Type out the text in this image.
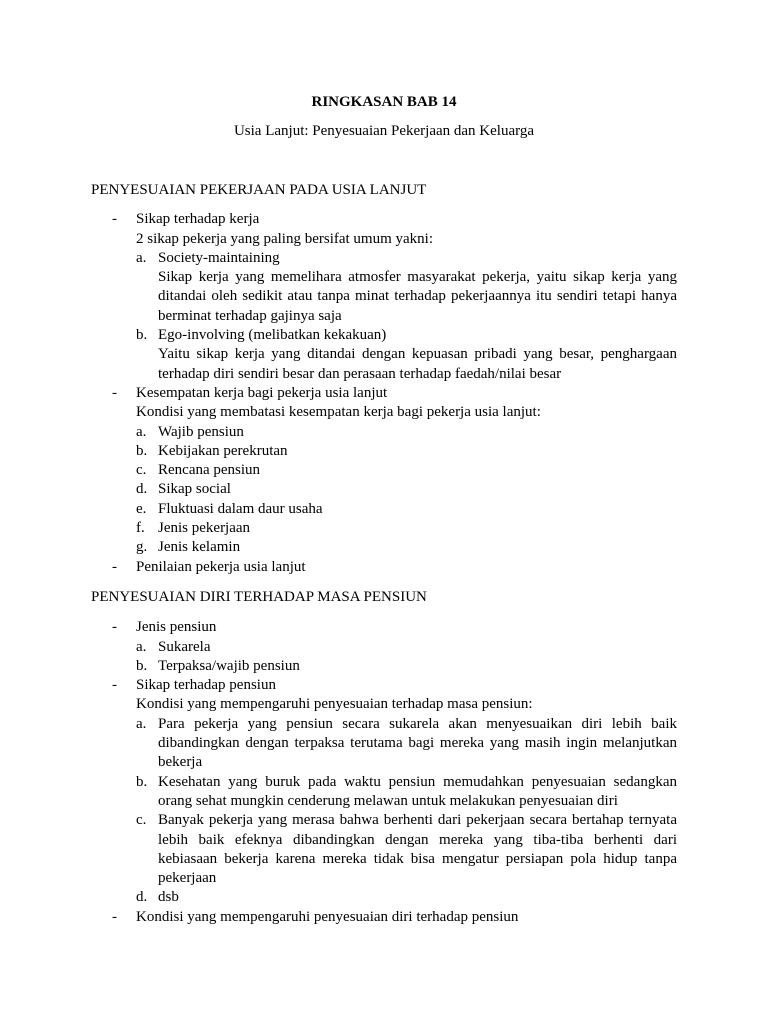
RINGKASAN BAB 14
Usia Lanjut: Penyesuaian Pekerjaan dan Keluarga
PENYESUAIAN PEKERJAAN PADA USIA LANJUT
- Sikap terhadap kerja
2 sikap pekerja yang paling bersifat umum yakni:
a. Society-maintaining
Sikap kerja yang memelihara atmosfer masyarakat pekerja, yaitu sikap kerja yang ditandai oleh sedikit atau tanpa minat terhadap pekerjaannya itu sendiri tetapi hanya berminat terhadap gajinya saja
b. Ego-involving (melibatkan kekakuan)
Yaitu sikap kerja yang ditandai dengan kepuasan pribadi yang besar, penghargaan terhadap diri sendiri besar dan perasaan terhadap faedah/nilai besar
- Kesempatan kerja bagi pekerja usia lanjut
Kondisi yang membatasi kesempatan kerja bagi pekerja usia lanjut:
a. Wajib pensiun
b. Kebijakan perekrutan
c. Rencana pensiun
d. Sikap social
e. Fluktuasi dalam daur usaha
f. Jenis pekerjaan
g. Jenis kelamin
- Penilaian pekerja usia lanjut
PENYESUAIAN DIRI TERHADAP MASA PENSIUN
- Jenis pensiun
a. Sukarela
b. Terpaksa/wajib pensiun
- Sikap terhadap pensiun
Kondisi yang mempengaruhi penyesuaian terhadap masa pensiun:
a. Para pekerja yang pensiun secara sukarela akan menyesuaikan diri lebih baik dibandingkan dengan terpaksa terutama bagi mereka yang masih ingin melanjutkan bekerja
b. Kesehatan yang buruk pada waktu pensiun memudahkan penyesuaian sedangkan orang sehat mungkin cenderung melawan untuk melakukan penyesuaian diri
c. Banyak pekerja yang merasa bahwa berhenti dari pekerjaan secara bertahap ternyata lebih baik efeknya dibandingkan dengan mereka yang tiba-tiba berhenti dari kebiasaan bekerja karena mereka tidak bisa mengatur persiapan pola hidup tanpa pekerjaan
d. dsb
- Kondisi yang mempengaruhi penyesuaian diri terhadap pensiun
